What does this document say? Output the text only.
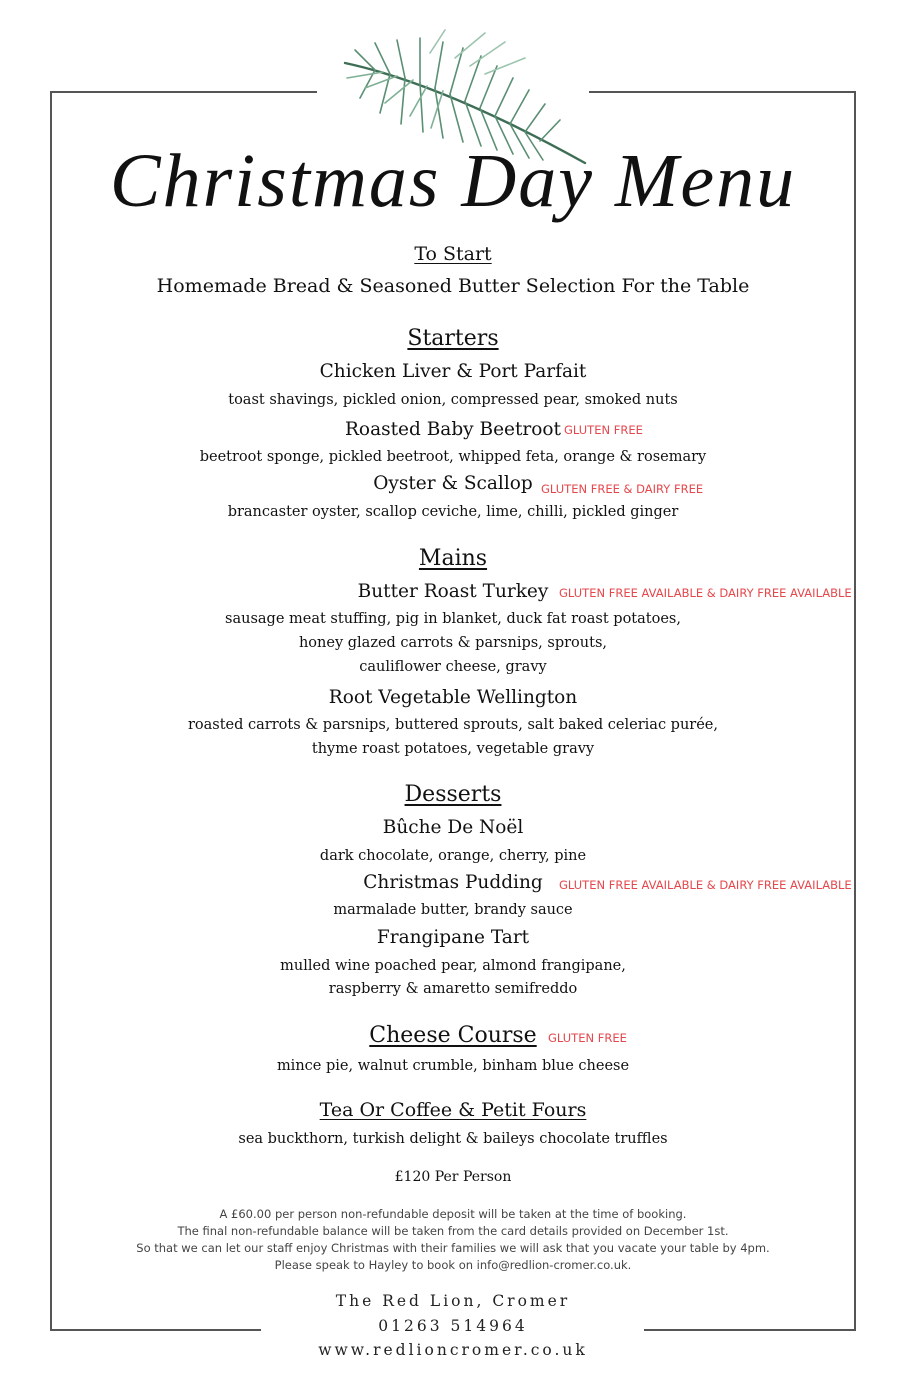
Christmas Day Menu
To Start
Homemade Bread & Seasoned Butter Selection For the Table
Starters
Chicken Liver & Port Parfait
toast shavings, pickled onion, compressed pear, smoked nuts
Roasted Baby Beetroot GLUTEN FREE
beetroot sponge, pickled beetroot, whipped feta, orange & rosemary
Oyster & Scallop GLUTEN FREE & DAIRY FREE
brancaster oyster, scallop ceviche, lime, chilli, pickled ginger
Mains
Butter Roast Turkey GLUTEN FREE AVAILABLE & DAIRY FREE AVAILABLE
sausage meat stuffing, pig in blanket, duck fat roast potatoes,
honey glazed carrots & parsnips, sprouts,
cauliflower cheese, gravy
Root Vegetable Wellington
roasted carrots & parsnips, buttered sprouts, salt baked celeriac purée,
thyme roast potatoes, vegetable gravy
Desserts
Bûche De Noël
dark chocolate, orange, cherry, pine
Christmas Pudding	GLUTEN FREE AVAILABLE & DAIRY FREE AVAILABLE
marmalade butter, brandy sauce
Frangipane Tart
mulled wine poached pear, almond frangipane,
raspberry & amaretto semifreddo
Cheese Course GLUTEN FREE
mince pie, walnut crumble, binham blue cheese
Tea Or Coffee & Petit Fours
sea buckthorn, turkish delight & baileys chocolate truffles
£120 Per Person
A £60.00 per person non-refundable deposit will be taken at the time of booking.
The final non-refundable balance will be taken from the card details provided on December 1st.
So that we can let our staff enjoy Christmas with their families we will ask that you vacate your table by 4pm.
Please speak to Hayley to book on info@redlion-cromer.co.uk.
The Red Lion, Cromer
01263 514964
www.redlioncromer.co.uk
